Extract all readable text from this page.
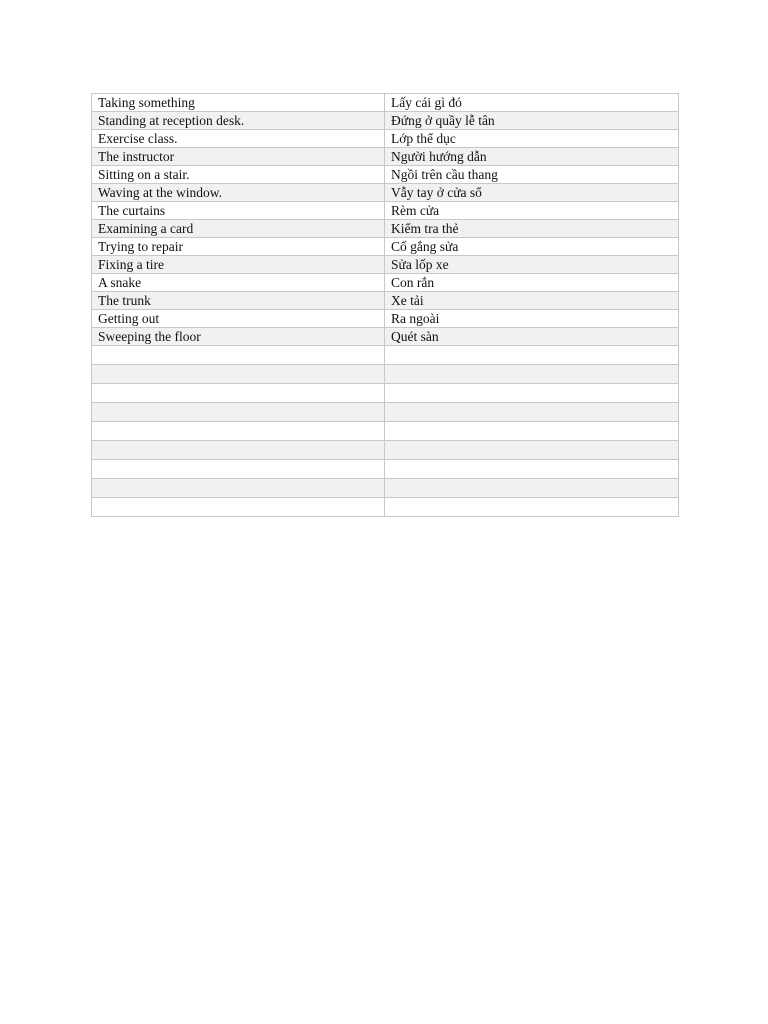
Taking something	Lấy cái gì đó
Standing at reception desk.	Đứng ở quầy lễ tân
Exercise class.	Lớp thể dục
The instructor	Người hướng dẫn
Sitting on a stair.	Ngồi trên cầu thang
Waving at the window.	Vẫy tay ở cửa sổ
The curtains	Rèm cửa
Examining a card	Kiểm tra thẻ
Trying to repair	Cố gắng sửa
Fixing a tire	Sửa lốp xe
A snake	Con rắn
The trunk	Xe tải
Getting out	Ra ngoài
Sweeping the floor	Quét sàn
